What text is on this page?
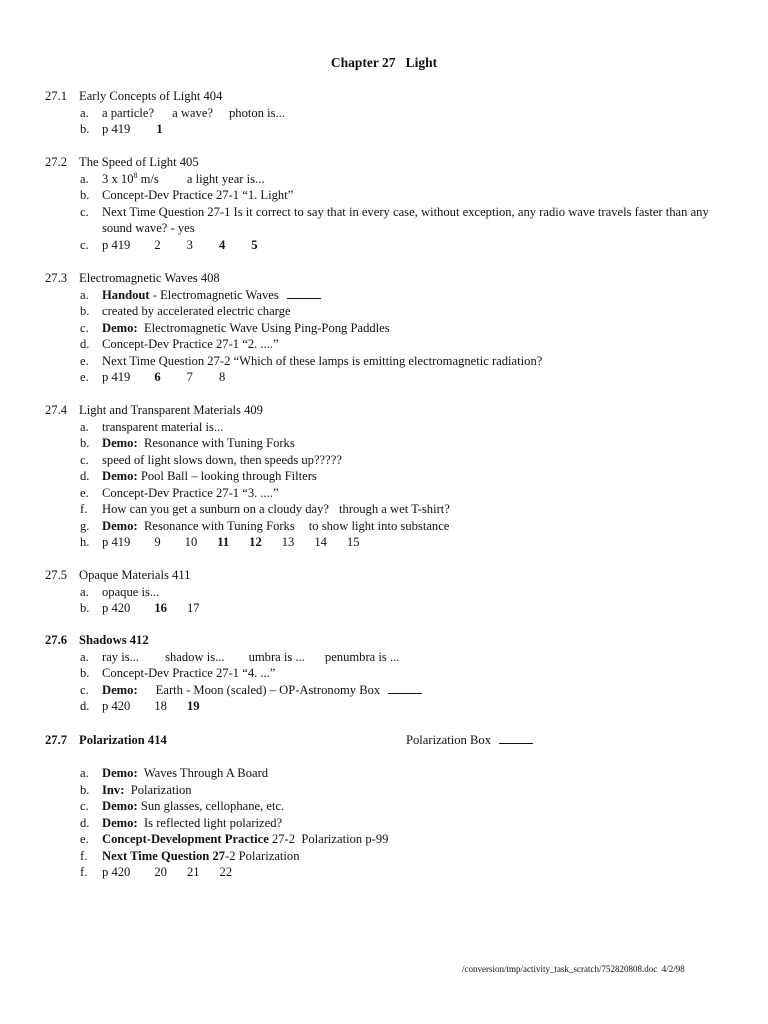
Chapter 27 Light
27.1 Early Concepts of Light 404
a.	a particle? a wave? photon is...
b. p 419 1
27.2 The Speed of Light 405
a.	3 x $10^8$ m/s a light year is...
b. Concept-Dev Practice 27-1 “1. Light”
c.	Next Time Question 27-1 Is it correct to say that in every case, without exception, any radio wave travels faster than any sound wave? - yes
c.	p 419 2 3 4 5
27.3 Electromagnetic Waves 408
a.	Handout - Electromagnetic Waves
b. created by accelerated electric charge
c.	Demo:  Electromagnetic Wave Using Ping-Pong Paddles
d. Concept-Dev Practice 27-1 “2. ....”
e.	Next Time Question 27-2 “Which of these lamps is emitting electromagnetic radiation?
e.	p 419 6 7 8
27.4 Light and Transparent Materials 409
a.	transparent material is...
b. Demo:  Resonance with Tuning Forks
c.	speed of light slows down, then speeds up?????
d. Demo: Pool Ball – looking through Filters
e.	Concept-Dev Practice 27-1 “3. ....”
f.	How can you get a sunburn on a cloudy day? through a wet T-shirt?
g. Demo:  Resonance with Tuning Forks to show light into substance
h. p 419 9 10 11 12 13 14 15
27.5 Opaque Materials 411
a.	opaque is...
b. p 420 16 17
27.6 Shadows 412
a.	ray is... shadow is... umbra is ... penumbra is ...
b. Concept-Dev Practice 27-1 “4. ...”
c.	Demo: Earth - Moon (scaled) – OP-Astronomy Box
d. p 420 18 19
27.7 Polarization 414	Polarization Box
a.	Demo:  Waves Through A Board
b. Inv:  Polarization
c.	Demo: Sun glasses, cellophane, etc.
d. Demo:  Is reflected light polarized?
e.	Concept-Development Practice 27-2  Polarization p-99
f.	Next Time Question 27-2 Polarization
f.	p 420 20 21 22
/conversion/tmp/activity_task_scratch/752820808.doc 4/2/98
